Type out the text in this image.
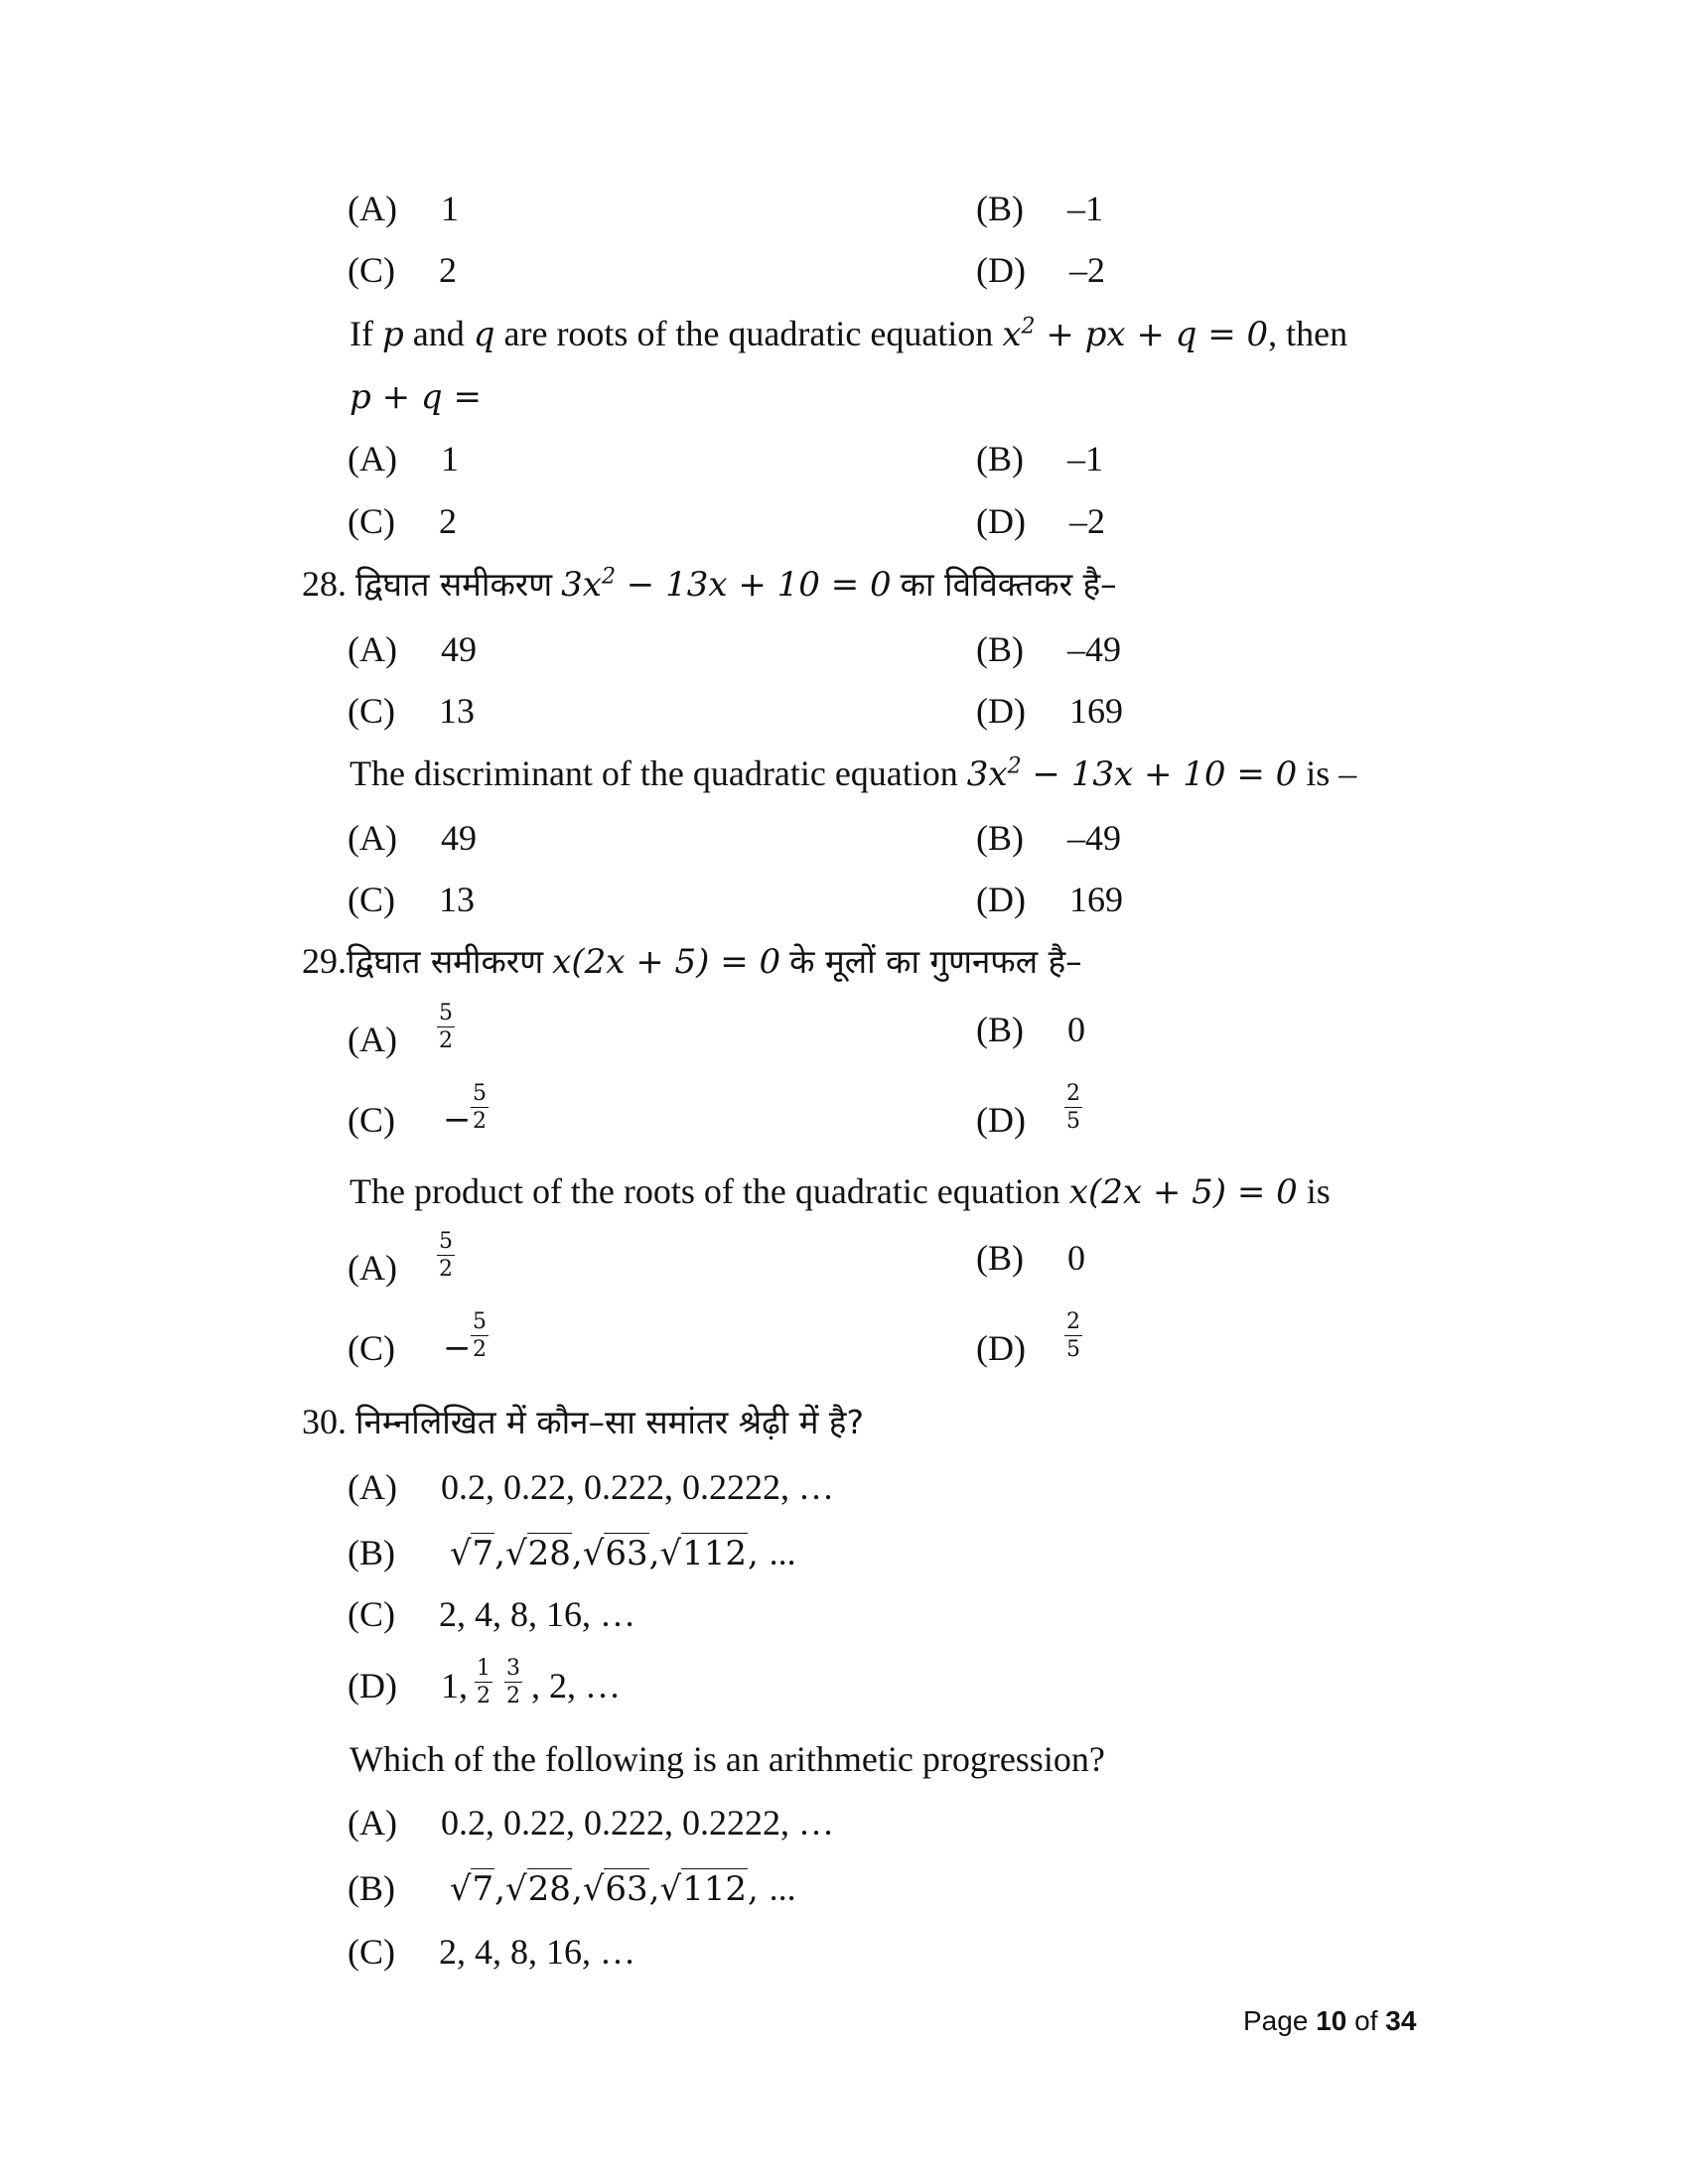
(A) 1	(B) –1
(C) 2	(D) –2
If p and q are roots of the quadratic equation $x^2$ + px + q = 0, then
p + q =
(A) 1	(B) –1
(C) 2	(D) –2
28. द्विघात समीकरण $3x^2 - 13x + 10 = 0$ का विविक्तकर है–
(A) 49	(B) –49
(C) 13	(D) 169
The discriminant of the quadratic equation $3x^2 - 13x + 10 = 0$ is –
(A) 49	(B) –49
(C) 13	(D) 169
29.द्विघात समीकरण x(2x + 5) = 0 के मूलों का गुणनफल है–
$(A) \frac{5}{2}$	(B) 0
$(C) - \frac{5}{2}$	$(D) \frac{2}{5}$
The product of the roots of the quadratic equation x(2x + 5) = 0 is
$(A) \frac{5}{2}$	(B) 0
$(C) - \frac{5}{2}$	$(D) \frac{2}{5}$
30. निम्नलिखित में कौन–सा समांतर श्रेढ़ी में है?
(A) 0.2, 0.22, 0.222, 0.2222, …
(B) √7,√28,√63,√112, ...
(C) 2, 4, 8, 16, …
(D) 1, , 2, …
$\frac{1}{2} \frac{3}{2}$
Which of the following is an arithmetic progression?
(A) 0.2, 0.22, 0.222, 0.2222, …
(B) √7,√28,√63,√112, ...
(C) 2, 4, 8, 16, …
Page 10 of 34
